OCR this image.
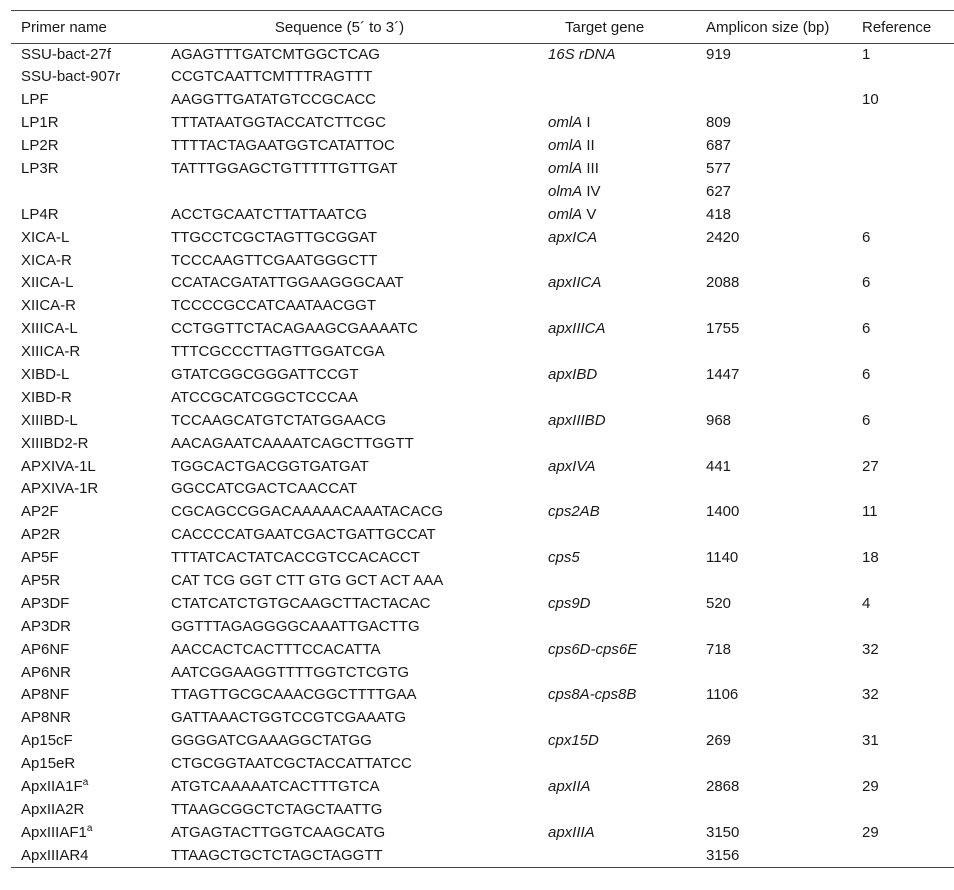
Primer name	Sequence (5´ to 3´)	Target gene	Amplicon size (bp)	Reference
SSU-bact-27f	AGAGTTTGATCMTGGCTCAG	16S rDNA	919	1
SSU-bact-907r	CCGTCAATTCMTTTRAGTTT			
LPF	AAGGTTGATATGTCCGCACC			10
LP1R	TTTATAATGGTACCATCTTCGC	omlA I	809	
LP2R	TTTTACTAGAATGGTCATATTOC	omlA II	687	
LP3R	TATTTGGAGCTGTTTTTGTTGAT	omlA III	577	
		olmA IV	627	
LP4R	ACCTGCAATCTTATTAATCG	omlA V	418	
XICA-L	TTGCCTCGCTAGTTGCGGAT	apxICA	2420	6
XICA-R	TCCCAAGTTCGAATGGGCTT			
XIICA-L	CCATACGATATTGGAAGGGCAAT	apxIICA	2088	6
XIICA-R	TCCCCGCCATCAATAACGGT			
XIIICA-L	CCTGGTTCTACAGAAGCGAAAATC	apxIIICA	1755	6
XIIICA-R	TTTCGCCCTTAGTTGGATCGA			
XIBD-L	GTATCGGCGGGATTCCGT	apxIBD	1447	6
XIBD-R	ATCCGCATCGGCTCCCAA			
XIIIBD-L	TCCAAGCATGTCTATGGAACG	apxIIIBD	968	6
XIIIBD2-R	AACAGAATCAAAATCAGCTTGGTT			
APXIVA-1L	TGGCACTGACGGTGATGAT	apxIVA	441	27
APXIVA-1R	GGCCATCGACTCAACCAT			
AP2F	CGCAGCCGGACAAAAACAAATACACG	cps2AB	1400	11
AP2R	CACCCCATGAATCGACTGATTGCCAT			
AP5F	TTTATCACTATCACCGTCCACACCT	cps5	1140	18
AP5R	CAT TCG GGT CTT GTG GCT ACT AAA			
AP3DF	CTATCATCTGTGCAAGCTTACTACAC	cps9D	520	4
AP3DR	GGTTTAGAGGGGCAAATTGACTTG			
AP6NF	AACCACTCACTTTCCACATTA	cps6D-cps6E	718	32
AP6NR	AATCGGAAGGTTTTGGTCTCGTG			
AP8NF	TTAGTTGCGCAAACGGCTTTTGAA	cps8A-cps8B	1106	32
AP8NR	GATTAAACTGGTCCGTCGAAATG			
Ap15cF	GGGGATCGAAAGGCTATGG	cpx15D	269	31
Ap15eR	CTGCGGTAATCGCTACCATTATCC			
$ApxIIA1F^a$	ATGTCAAAAATCACTTTGTCA	apxIIA	2868	29
ApxIIA2R	TTAAGCGGCTCTAGCTAATTG			
ApxIIIAF1$^a$	ATGAGTACTTGGTCAAGCATG	apxIIIA	3150	29
ApxIIIAR4	TTAAGCTGCTCTAGCTAGGTT		3156	
